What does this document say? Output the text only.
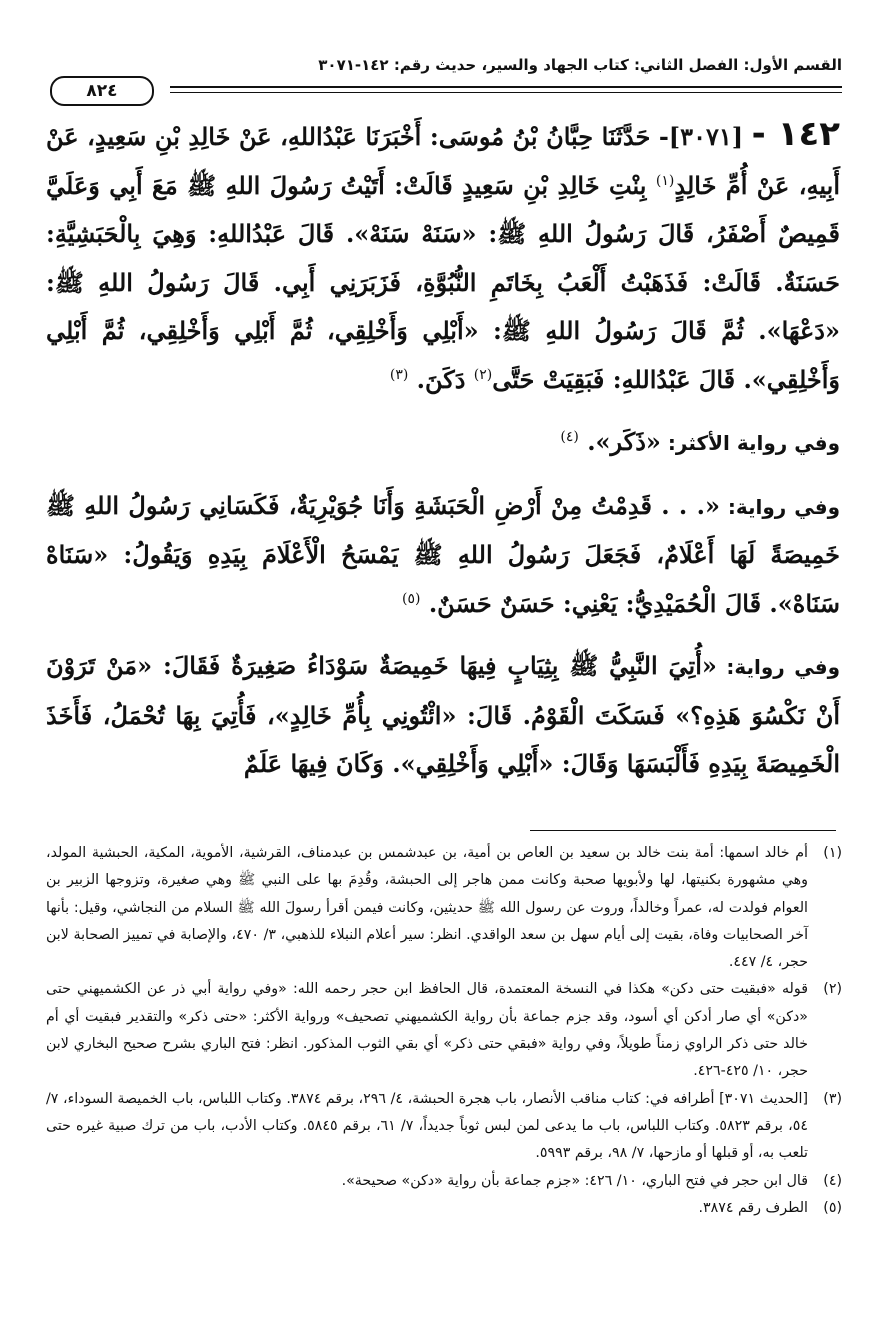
القسم الأول: الفصل الثاني: كتاب الجهاد والسير، حديث رقم: ١٤٢-٣٠٧١
٨٢٤

١٤٢ - [٣٠٧١]- حَدَّثَنَا حِبَّانُ بْنُ مُوسَى: أَخْبَرَنَا عَبْدُاللهِ، عَنْ خَالِدِ بْنِ سَعِيدٍ، عَنْ أَبِيهِ، عَنْ أُمِّ خَالِدٍ$^{(١)}$ بِنْتِ خَالِدِ بْنِ سَعِيدٍ قَالَتْ: أَتَيْتُ رَسُولَ اللهِ ﷺ مَعَ أَبِي وَعَلَيَّ قَمِيصٌ أَصْفَرُ، قَالَ رَسُولُ اللهِ ﷺ: «سَنَهْ سَنَهْ». قَالَ عَبْدُاللهِ: وَهِيَ بِالْحَبَشِيَّةِ: حَسَنَةٌ. قَالَتْ: فَذَهَبْتُ أَلْعَبُ بِخَاتَمِ النُّبُوَّةِ، فَزَبَرَنِي أَبِي. قَالَ رَسُولُ اللهِ ﷺ: «دَعْهَا». ثُمَّ قَالَ رَسُولُ اللهِ ﷺ: «أَبْلِي وَأَخْلِقِي، ثُمَّ أَبْلِي وَأَخْلِقِي، ثُمَّ أَبْلِي وَأَخْلِقِي». قَالَ عَبْدُاللهِ: فَبَقِيَتْ حَتَّى$^{(٢)}$ دَكَنَ. $^{(٣)}$

وفي رواية الأكثر: «ذَكَر». $^{(٤)}$

وفي رواية: «. . . قَدِمْتُ مِنْ أَرْضِ الْحَبَشَةِ وَأَنَا جُوَيْرِيَةٌ، فَكَسَانِي رَسُولُ اللهِ ﷺ خَمِيصَةً لَهَا أَعْلَامٌ، فَجَعَلَ رَسُولُ اللهِ ﷺ يَمْسَحُ الْأَعْلَامَ بِيَدِهِ وَيَقُولُ: «سَنَاهْ سَنَاهْ». قَالَ الْحُمَيْدِيُّ: يَعْنِي: حَسَنٌ حَسَنٌ. $^{(٥)}$

وفي رواية: «أُتِيَ النَّبِيُّ ﷺ بِثِيَابٍ فِيهَا خَمِيصَةٌ سَوْدَاءُ صَغِيرَةٌ فَقَالَ: «مَنْ تَرَوْنَ أَنْ نَكْسُوَ هَذِهِ؟» فَسَكَتَ الْقَوْمُ. قَالَ: «ائْتُونِي بِأُمِّ خَالِدٍ»، فَأُتِيَ بِهَا تُحْمَلُ، فَأَخَذَ الْخَمِيصَةَ بِيَدِهِ فَأَلْبَسَهَا وَقَالَ: «أَبْلِي وَأَخْلِقِي». وَكَانَ فِيهَا عَلَمٌ

(١)
أم خالد اسمها: أمة بنت خالد بن سعيد بن العاص بن أمية، بن عبدشمس بن عبدمناف، القرشية، الأموية، المكية، الحبشية المولد، وهي مشهورة بكنيتها، لها ولأبويها صحبة وكانت ممن هاجر إلى الحبشة، وقُدِمَ بها على النبي ﷺ وهي صغيرة، وتزوجها الزبير بن العوام فولدت له، عمراً وخالداً، وروت عن رسول الله ﷺ حديثين، وكانت فيمن أقرأ رسولَ الله ﷺ السلام من النجاشي، وقيل: بأنها آخر الصحابيات وفاة، بقيت إلى أيام سهل بن سعد الواقدي. انظر: سير أعلام النبلاء للذهبي، ٣/ ٤٧٠، والإصابة في تمييز الصحابة لابن حجر، ٤/ ٤٤٧.

(٢)
قوله «فبقيت حتى دكن» هكذا في النسخة المعتمدة، قال الحافظ ابن حجر رحمه الله: «وفي رواية أبي ذر عن الكشميهني حتى «دكن» أي صار أدكن أي أسود، وقد جزم جماعة بأن رواية الكشميهني تصحيف» ورواية الأكثر: «حتى ذكر» والتقدير فبقيت أي أم خالد حتى ذكر الراوي زمناً طويلاً، وفي رواية «فبقي حتى ذكر» أي بقي الثوب المذكور. انظر: فتح الباري بشرح صحيح البخاري لابن حجر، ١٠/ ٤٢٥-٤٢٦.

(٣)
[الحديث ٣٠٧١] أطرافه في: كتاب مناقب الأنصار، باب هجرة الحبشة، ٤/ ٢٩٦، برقم ٣٨٧٤. وكتاب اللباس، باب الخميصة السوداء، ٧/ ٥٤، برقم ٥٨٢٣. وكتاب اللباس، باب ما يدعى لمن لبس ثوباً جديداً، ٧/ ٦١، برقم ٥٨٤٥. وكتاب الأدب، باب من ترك صبية غيره حتى تلعب به، أو قبلها أو مازحها، ٧/ ٩٨، برقم ٥٩٩٣.

(٤)
قال ابن حجر في فتح الباري، ١٠/ ٤٢٦: «جزم جماعة بأن رواية «دكن» صحيحة».

(٥)
الطرف رقم ٣٨٧٤.
